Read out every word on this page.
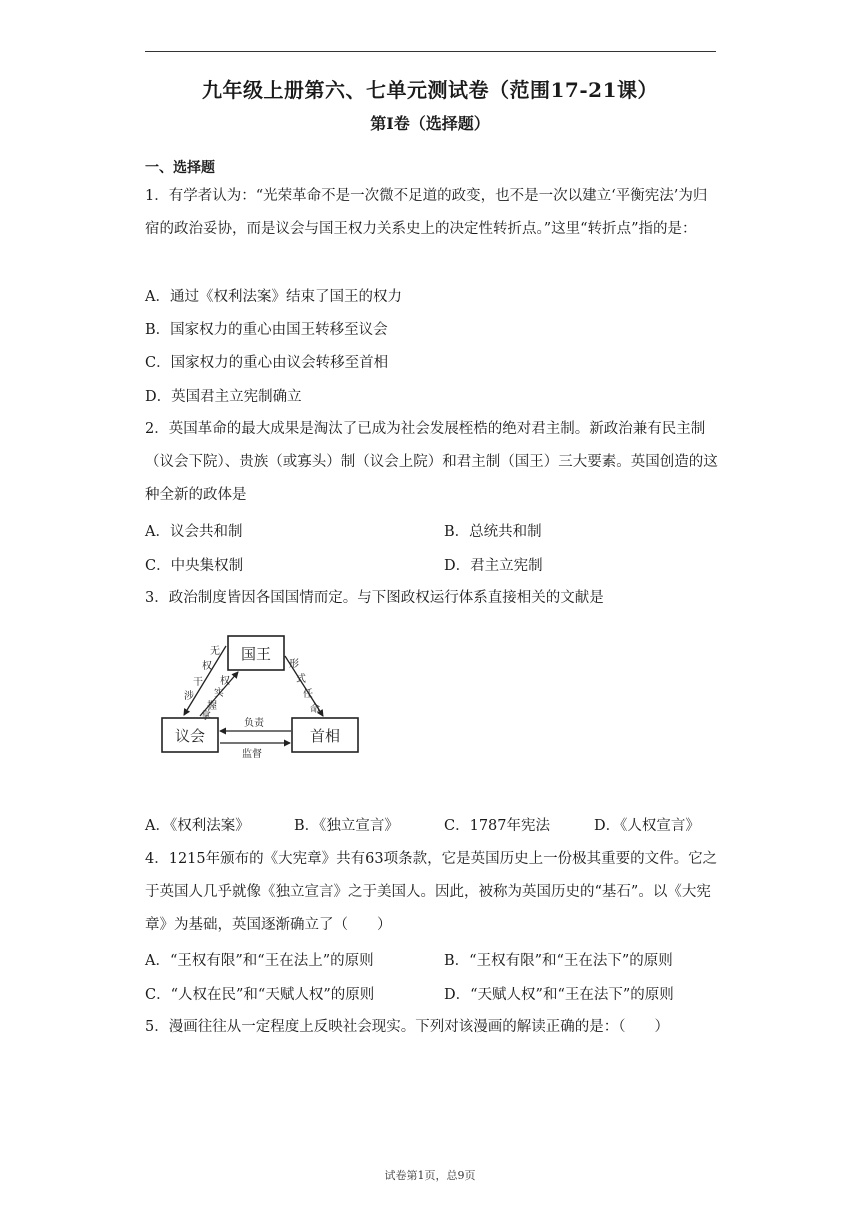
九年级上册第六、七单元测试卷（范围17-21课）
第Ⅰ卷（选择题）
一、选择题
1．有学者认为：“光荣革命不是一次微不足道的政变，也不是一次以建立‘平衡宪法’为归宿的政治妥协，而是议会与国王权力关系史上的决定性转折点。”这里“转折点”指的是：
A．通过《权利法案》结束了国王的权力
B．国家权力的重心由国王转移至议会
C．国家权力的重心由议会转移至首相
D．英国君主立宪制确立
2．英国革命的最大成果是淘汰了已成为社会发展桎梏的绝对君主制。新政治兼有民主制（议会下院）、贵族（或寡头）制（议会上院）和君主制（国王）三大要素。英国创造的这种全新的政体是
A．议会共和制	B．总统共和制
C．中央集权制	D．君主立宪制
3．政治制度皆因各国国情而定。与下图政权运行体系直接相关的文献是
国王
议会	首相
无
权
干
涉
权
实
握
掌
形
式
任
命
负责
监督
A．《权利法案》	B．《独立宣言》	C．1787年宪法	D．《人权宣言》
4．1215年颁布的《大宪章》共有63项条款，它是英国历史上一份极其重要的文件。它之于英国人几乎就像《独立宣言》之于美国人。因此，被称为英国历史的“基石”。以《大宪章》为基础，英国逐渐确立了（　　）
A．“王权有限”和“王在法上”的原则	B．“王权有限”和“王在法下”的原则
C．“人权在民”和“天赋人权”的原则	D．“天赋人权”和“王在法下”的原则
5．漫画往往从一定程度上反映社会现实。下列对该漫画的解读正确的是：（　　）
试卷第1页，总9页
